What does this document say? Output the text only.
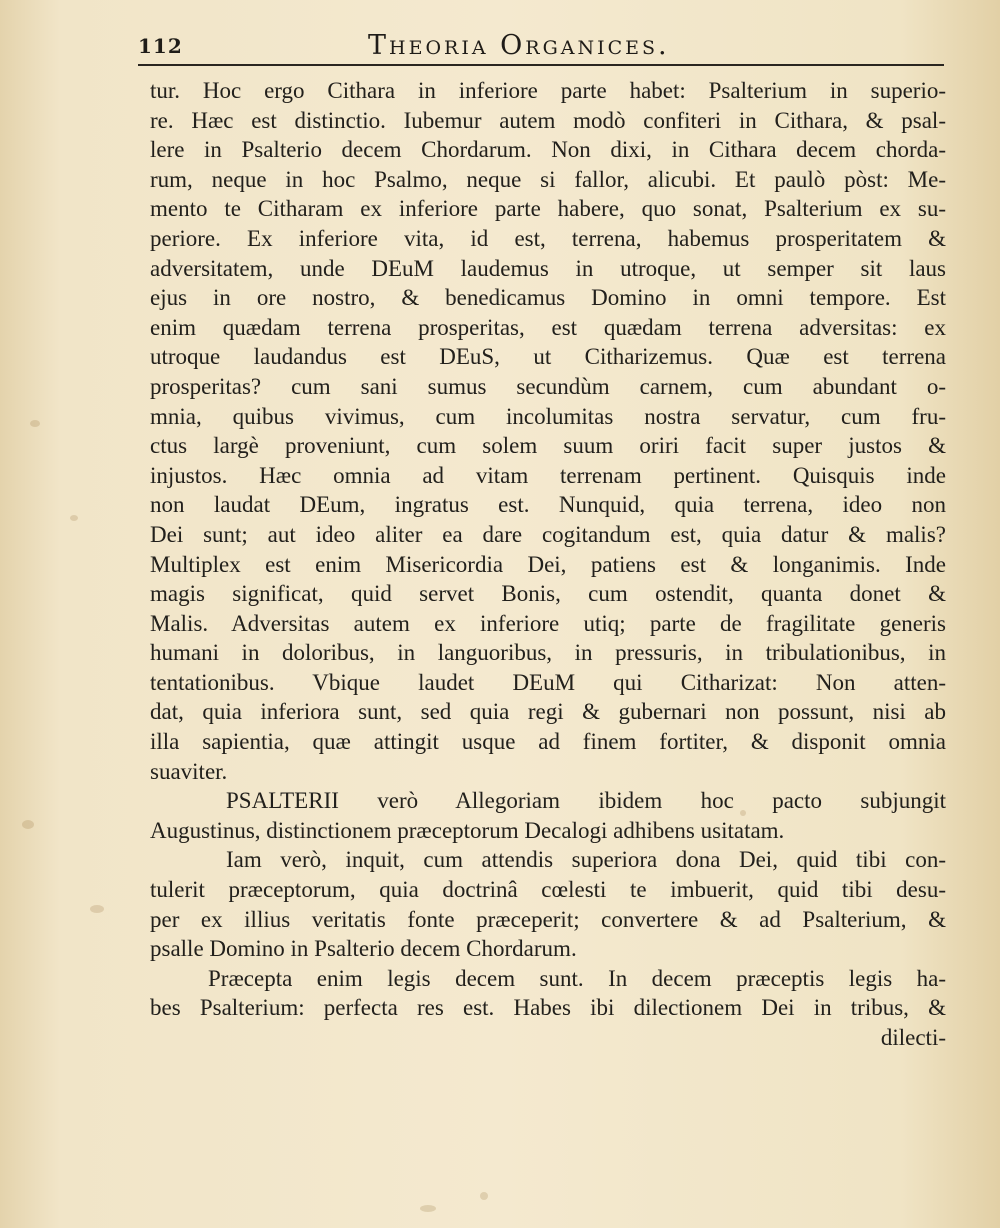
112	Theoria Organices.
tur. Hoc ergo Cithara in inferiore parte habet: Psalterium in superio-
re. Hæc est distinctio. Iubemur autem modò confiteri in Cithara, & psal-
lere in Psalterio decem Chordarum. Non dixi, in Cithara decem chorda-
rum, neque in hoc Psalmo, neque si fallor, alicubi. Et paulò pòst: Me-
mento te Citharam ex inferiore parte habere, quo sonat, Psalterium ex su-
periore. Ex inferiore vita, id est, terrena, habemus prosperitatem &
adversitatem, unde DEuM laudemus in utroque, ut semper sit laus
ejus in ore nostro, & benedicamus Domino in omni tempore. Est
enim quædam terrena prosperitas, est quædam terrena adversitas: ex
utroque laudandus est DEuS, ut Citharizemus. Quæ est terrena
prosperitas? cum sani sumus secundùm carnem, cum abundant o-
mnia, quibus vivimus, cum incolumitas nostra servatur, cum fru-
ctus largè proveniunt, cum solem suum oriri facit super justos &
injustos. Hæc omnia ad vitam terrenam pertinent. Quisquis inde
non laudat DEum, ingratus est. Nunquid, quia terrena, ideo non
Dei sunt; aut ideo aliter ea dare cogitandum est, quia datur & malis?
Multiplex est enim Misericordia Dei, patiens est & longanimis. Inde
magis significat, quid servet Bonis, cum ostendit, quanta donet &
Malis. Adversitas autem ex inferiore utiq; parte de fragilitate generis
humani in doloribus, in languoribus, in pressuris, in tribulationibus, in
tentationibus. Vbique laudet DEuM qui Citharizat: Non atten-
dat, quia inferiora sunt, sed quia regi & gubernari non possunt, nisi ab
illa sapientia, quæ attingit usque ad finem fortiter, & disponit omnia
suaviter.
PSALTERII verò Allegoriam ibidem hoc pacto subjungit
Augustinus, distinctionem præceptorum Decalogi adhibens usitatam.
Iam verò, inquit, cum attendis superiora dona Dei, quid tibi con-
tulerit præceptorum, quia doctrinâ cœlesti te imbuerit, quid tibi desu-
per ex illius veritatis fonte præceperit; convertere & ad Psalterium, &
psalle Domino in Psalterio decem Chordarum.
Præcepta enim legis decem sunt. In decem præceptis legis ha-
bes Psalterium: perfecta res est. Habes ibi dilectionem Dei in tribus, &
dilecti-
